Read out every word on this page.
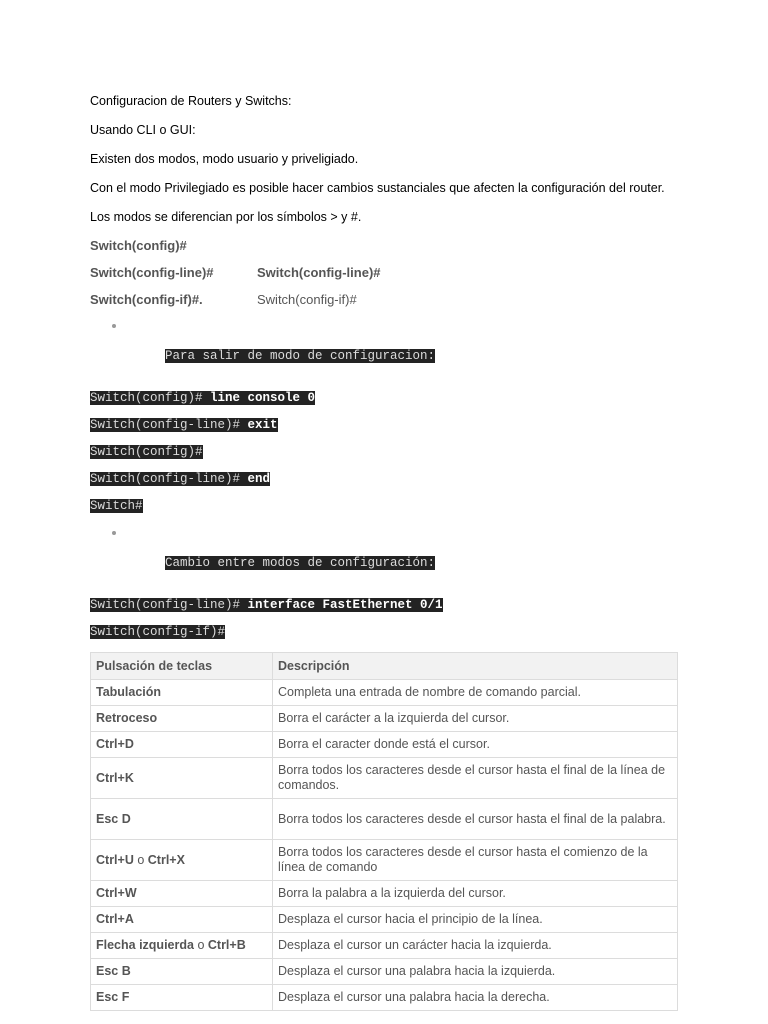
Configuracion de Routers y Switchs:

Usando CLI o GUI:

Existen dos modos, modo usuario y priveligiado.

Con el modo Privilegiado es posible hacer cambios sustanciales que afecten la configuración del router.

Los modos se diferencian por los símbolos > y #.

Switch(config)#
Switch(config-line)#	Switch(config-line)#
Switch(config-if)#.	Switch(config-if)#

Para salir de modo de configuracion:

Switch(config)# line console 0
Switch(config-line)# exit
Switch(config)#
Switch(config-line)# end
Switch#

Cambio entre modos de configuración:

Switch(config-line)# interface FastEthernet 0/1
Switch(config-if)#
Pulsación de teclas	Descripción
Tabulación	Completa una entrada de nombre de comando parcial.
Retroceso	Borra el carácter a la izquierda del cursor.
Ctrl+D	Borra el caracter donde está el cursor.
Ctrl+K	Borra todos los caracteres desde el cursor hasta el final de la línea de comandos.
Esc D	Borra todos los caracteres desde el cursor hasta el final de la palabra.
Ctrl+U o Ctrl+X	Borra todos los caracteres desde el cursor hasta el comienzo de la línea de comando
Ctrl+W	Borra la palabra a la izquierda del cursor.
Ctrl+A	Desplaza el cursor hacia el principio de la línea.
Flecha izquierda o Ctrl+B	Desplaza el cursor un carácter hacia la izquierda.
Esc B	Desplaza el cursor una palabra hacia la izquierda.
Esc F	Desplaza el cursor una palabra hacia la derecha.
